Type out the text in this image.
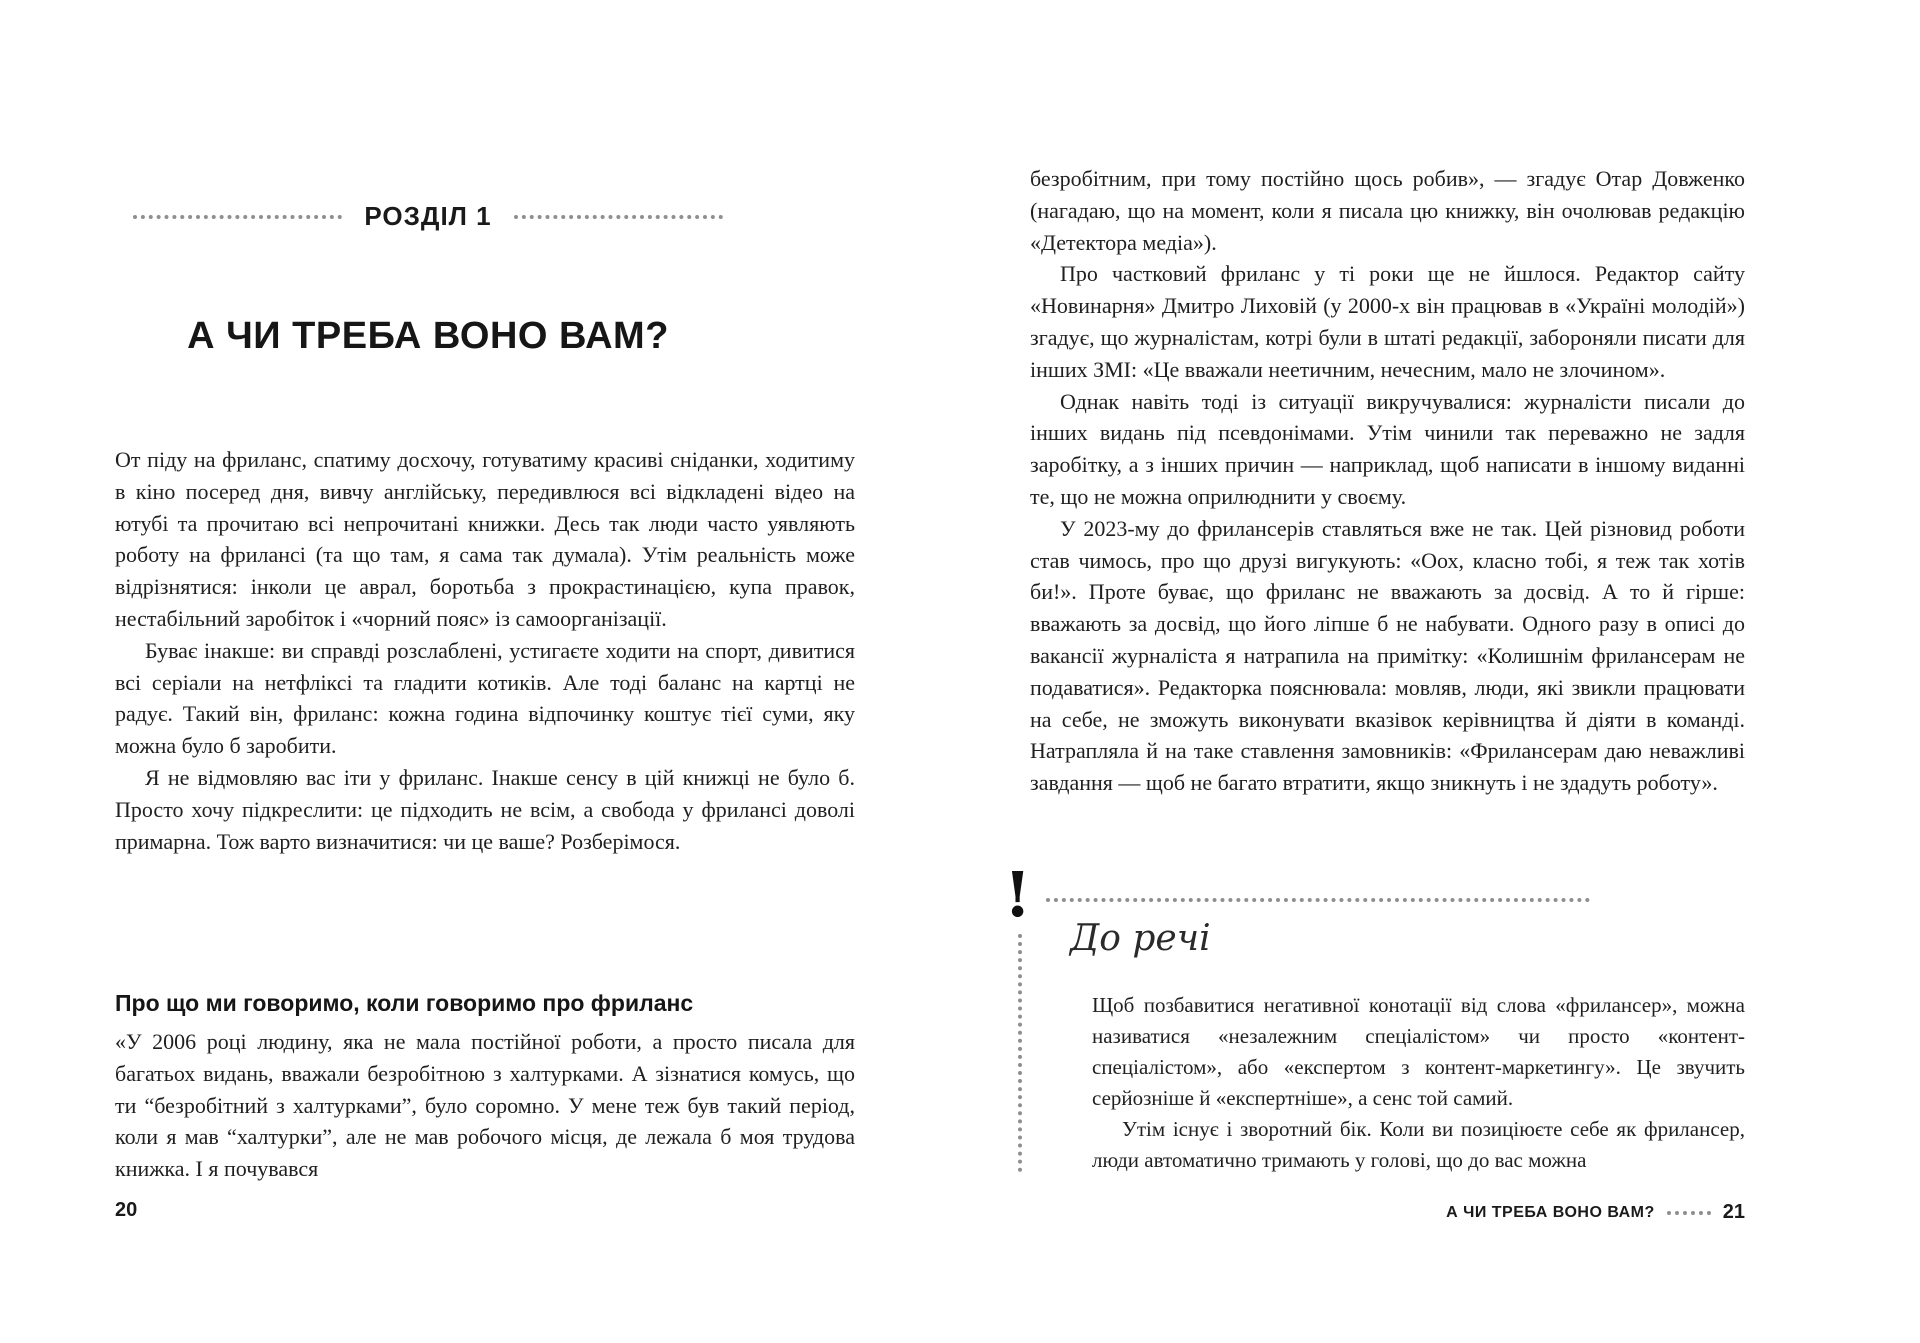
РОЗДІЛ 1
А ЧИ ТРЕБА ВОНО ВАМ?

От піду на фриланс, спатиму досхочу, готуватиму красиві сніданки, ходитиму в кіно посеред дня, вивчу англійську, передивлюся всі відкладені відео на ютубі та прочитаю всі непрочитані книжки. Десь так люди часто уявляють роботу на фрилансі (та що там, я сама так думала). Утім реальність може відрізнятися: інколи це аврал, боротьба з прокрастинацією, купа правок, нестабільний заробіток і «чорний пояс» із самоорганізації.

Буває інакше: ви справді розслаблені, устигаєте ходити на спорт, дивитися всі серіали на нетфліксі та гладити котиків. Але тоді баланс на картці не радує. Такий він, фриланс: кожна година відпочинку коштує тієї суми, яку можна було б заробити.

Я не відмовляю вас іти у фриланс. Інакше сенсу в цій книжці не було б. Просто хочу підкреслити: це підходить не всім, а свобода у фрилансі доволі примарна. Тож варто визначитися: чи це ваше? Розберімося.

Про що ми говоримо, коли говоримо про фриланс

«У 2006 році людину, яка не мала постійної роботи, а просто писала для багатьох видань, вважали безробітною з халтурками. А зізнатися комусь, що ти “безробітний з халтурками”, було соромно. У мене теж був такий період, коли я мав “халтурки”, але не мав робочого місця, де лежала б моя трудова книжка. І я почувався

20

безробітним, при тому постійно щось робив», — згадує Отар Довженко (нагадаю, що на момент, коли я писала цю книжку, він очолював редакцію «Детектора медіа»).

Про частковий фриланс у ті роки ще не йшлося. Редактор сайту «Новинарня» Дмитро Лиховій (у 2000-х він працював в «Україні молодій») згадує, що журналістам, котрі були в штаті редакції, забороняли писати для інших ЗМІ: «Це вважали неетичним, нечесним, мало не злочином».

Однак навіть тоді із ситуації викручувалися: журналісти писали до інших видань під псевдонімами. Утім чинили так переважно не задля заробітку, а з інших причин — наприклад, щоб написати в іншому виданні те, що не можна оприлюднити у своєму.

У 2023-му до фрилансерів ставляться вже не так. Цей різновид роботи став чимось, про що друзі вигукують: «Оох, класно тобі, я теж так хотів би!». Проте буває, що фриланс не вважають за досвід. А то й гірше: вважають за досвід, що його ліпше б не набувати. Одного разу в описі до вакансії журналіста я натрапила на примітку: «Колишнім фрилансерам не подаватися». Редакторка пояснювала: мовляв, люди, які звикли працювати на себе, не зможуть виконувати вказівок керівництва й діяти в команді. Натрапляла й на таке ставлення замовників: «Фрилансерам даю неважливі завдання — щоб не багато втратити, якщо зникнуть і не здадуть роботу».

!
До речі

Щоб позбавитися негативної конотації від слова «фрилансер», можна називатися «незалежним спеціалістом» чи просто «контент-спеціалістом», або «експертом з контент-маркетингу». Це звучить серйозніше й «експертніше», а сенс той самий.

Утім існує і зворотний бік. Коли ви позиціюєте себе як фрилансер, люди автоматично тримають у голові, що до вас можна

А ЧИ ТРЕБА ВОНО ВАМ?	21
